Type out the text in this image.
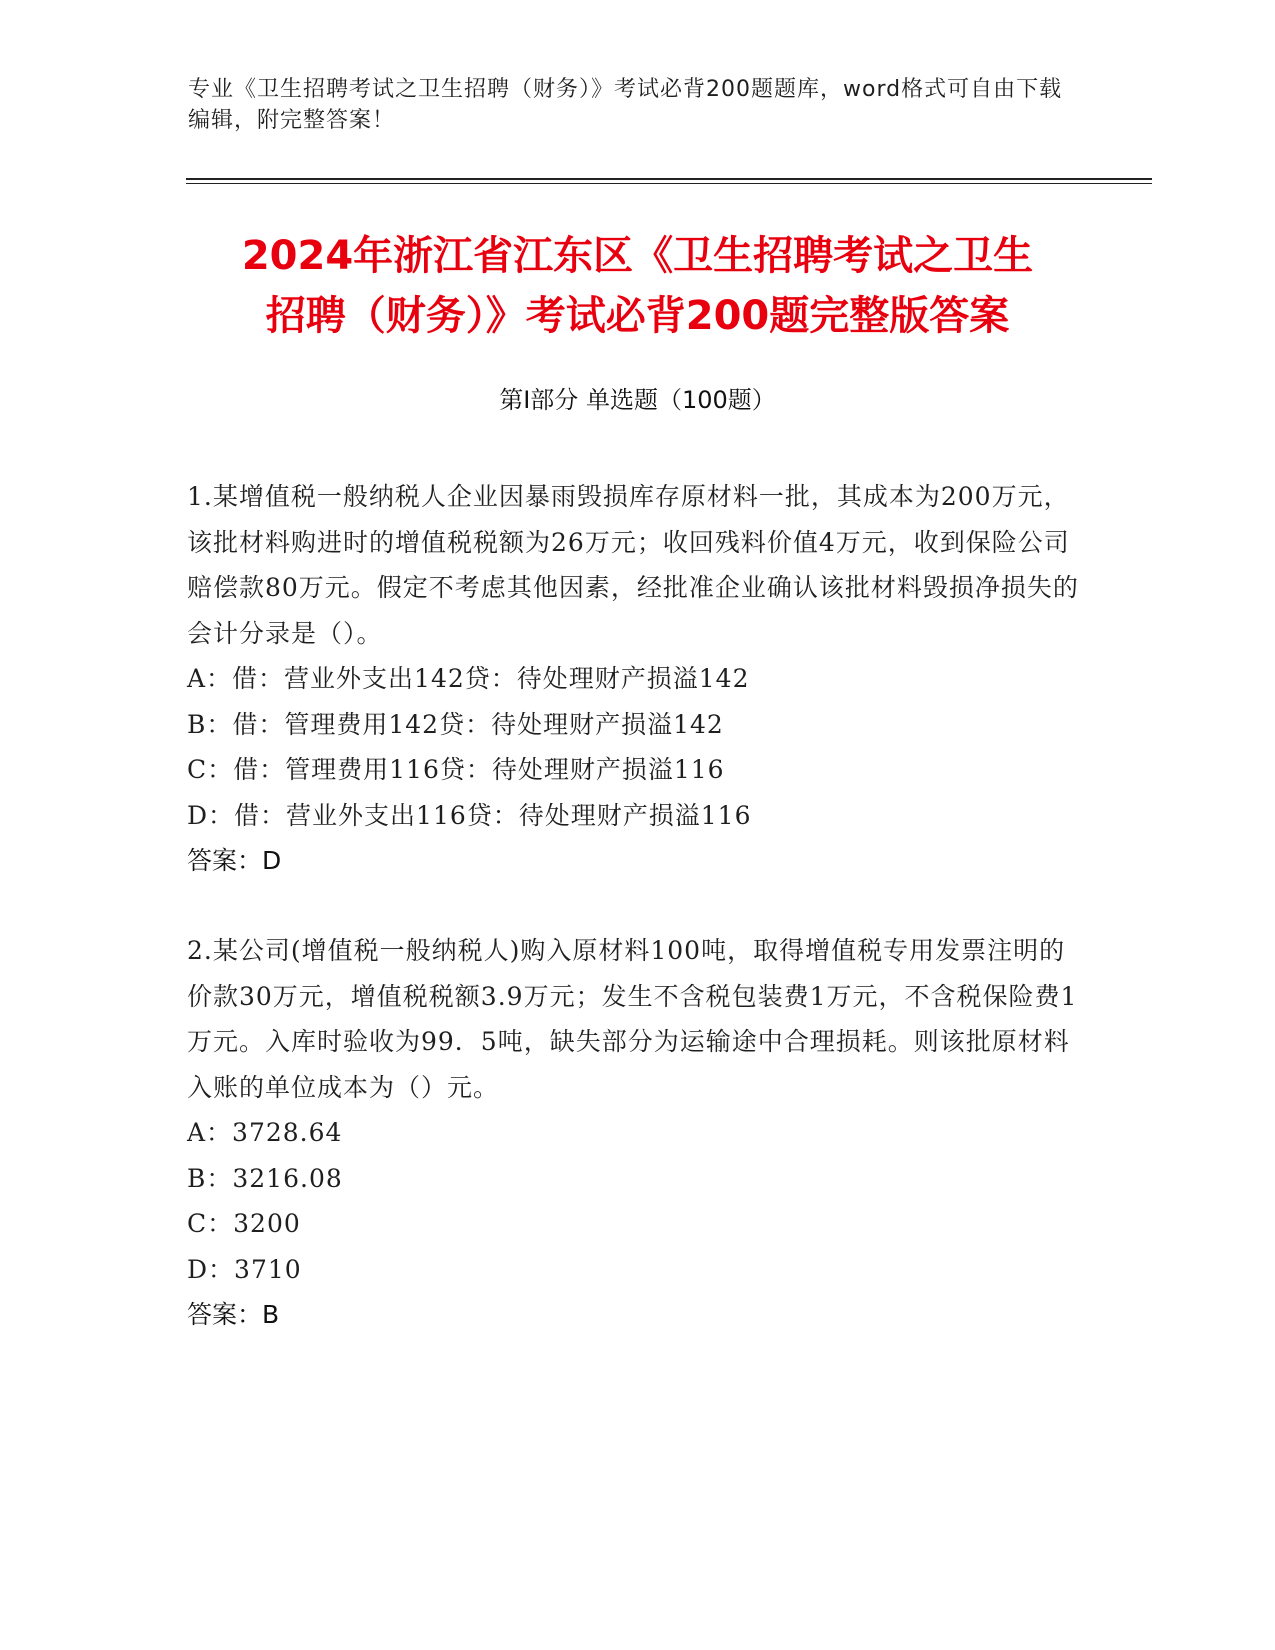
专业《卫生招聘考试之卫生招聘（财务）》考试必背200题题库，word格式可自由下载编辑，附完整答案！
2024年浙江省江东区《卫生招聘考试之卫生
招聘（财务）》考试必背200题完整版答案
第Ⅰ部分 单选题（100题）

1.某增值税一般纳税人企业因暴雨毁损库存原材料一批，其成本为200万元，该批材料购进时的增值税税额为26万元；收回残料价值4万元，收到保险公司赔偿款80万元。假定不考虑其他因素，经批准企业确认该批材料毁损净损失的会计分录是（）。

A：借：营业外支出142贷：待处理财产损溢142

B：借：管理费用142贷：待处理财产损溢142

C：借：管理费用116贷：待处理财产损溢116

D：借：营业外支出116贷：待处理财产损溢116

答案：D

2.某公司(增值税一般纳税人)购入原材料100吨，取得增值税专用发票注明的价款30万元，增值税税额3.9万元；发生不含税包装费1万元，不含税保险费1万元。入库时验收为99．5吨，缺失部分为运输途中合理损耗。则该批原材料入账的单位成本为（）元。

A：3728.64

B：3216.08

C：3200

D：3710

答案：B
